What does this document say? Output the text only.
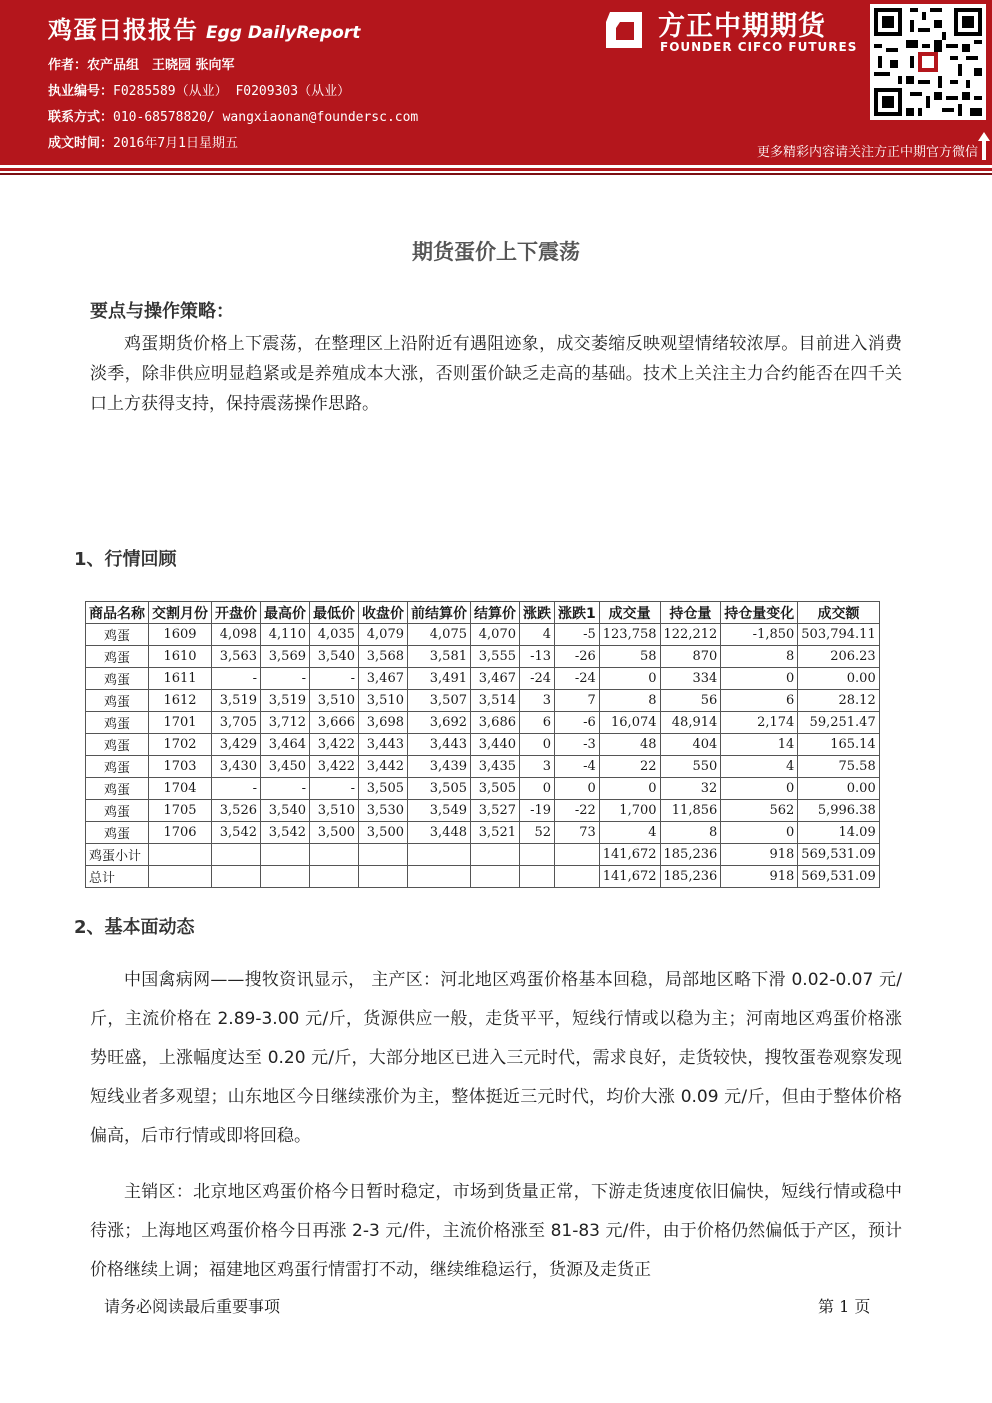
鸡蛋日报报告 Egg DailyReport
作者：农产品组　王晓园 张向军
执业编号：F0285589（从业） F0209303（从业）
联系方式：010-68578820/ wangxiaonan@foundersc.com
成文时间：2016年7月1日星期五
方正中期期货
FOUNDER CIFCO FUTURES
更多精彩内容请关注方正中期官方微信
期货蛋价上下震荡
要点与操作策略：
鸡蛋期货价格上下震荡，在整理区上沿附近有遇阻迹象，成交萎缩反映观望情绪较浓厚。目前进入消费淡季，除非供应明显趋紧或是养殖成本大涨，否则蛋价缺乏走高的基础。技术上关注主力合约能否在四千关口上方获得支持，保持震荡操作思路。
1、行情回顾
商品名称	交割月份	开盘价	最高价	最低价	收盘价	前结算价	结算价	涨跌	涨跌1	成交量	持仓量	持仓量变化	成交额
鸡蛋	1609	4,098	4,110	4,035	4,079	4,075	4,070	4	-5	123,758	122,212	-1,850	503,794.11
鸡蛋	1610	3,563	3,569	3,540	3,568	3,581	3,555	-13	-26	58	870	8	206.23
鸡蛋	1611	-	-	-	3,467	3,491	3,467	-24	-24	0	334	0	0.00
鸡蛋	1612	3,519	3,519	3,510	3,510	3,507	3,514	3	7	8	56	6	28.12
鸡蛋	1701	3,705	3,712	3,666	3,698	3,692	3,686	6	-6	16,074	48,914	2,174	59,251.47
鸡蛋	1702	3,429	3,464	3,422	3,443	3,443	3,440	0	-3	48	404	14	165.14
鸡蛋	1703	3,430	3,450	3,422	3,442	3,439	3,435	3	-4	22	550	4	75.58
鸡蛋	1704	-	-	-	3,505	3,505	3,505	0	0	0	32	0	0.00
鸡蛋	1705	3,526	3,540	3,510	3,530	3,549	3,527	-19	-22	1,700	11,856	562	5,996.38
鸡蛋	1706	3,542	3,542	3,500	3,500	3,448	3,521	52	73	4	8	0	14.09
鸡蛋小计										141,672	185,236	918	569,531.09
总计										141,672	185,236	918	569,531.09
2、基本面动态
中国禽病网——搜牧资讯显示， 主产区：河北地区鸡蛋价格基本回稳，局部地区略下滑 0.02-0.07 元/斤，主流价格在 2.89-3.00 元/斤，货源供应一般，走货平平，短线行情或以稳为主；河南地区鸡蛋价格涨势旺盛，上涨幅度达至 0.20 元/斤，大部分地区已进入三元时代，需求良好，走货较快，搜牧蛋卷观察发现短线业者多观望；山东地区今日继续涨价为主，整体挺近三元时代，均价大涨 0.09 元/斤，但由于整体价格偏高，后市行情或即将回稳。
主销区：北京地区鸡蛋价格今日暂时稳定，市场到货量正常，下游走货速度依旧偏快，短线行情或稳中待涨；上海地区鸡蛋价格今日再涨 2-3 元/件，主流价格涨至 81-83 元/件，由于价格仍然偏低于产区，预计价格继续上调；福建地区鸡蛋行情雷打不动，继续维稳运行，货源及走货正
请务必阅读最后重要事项	第 1 页
